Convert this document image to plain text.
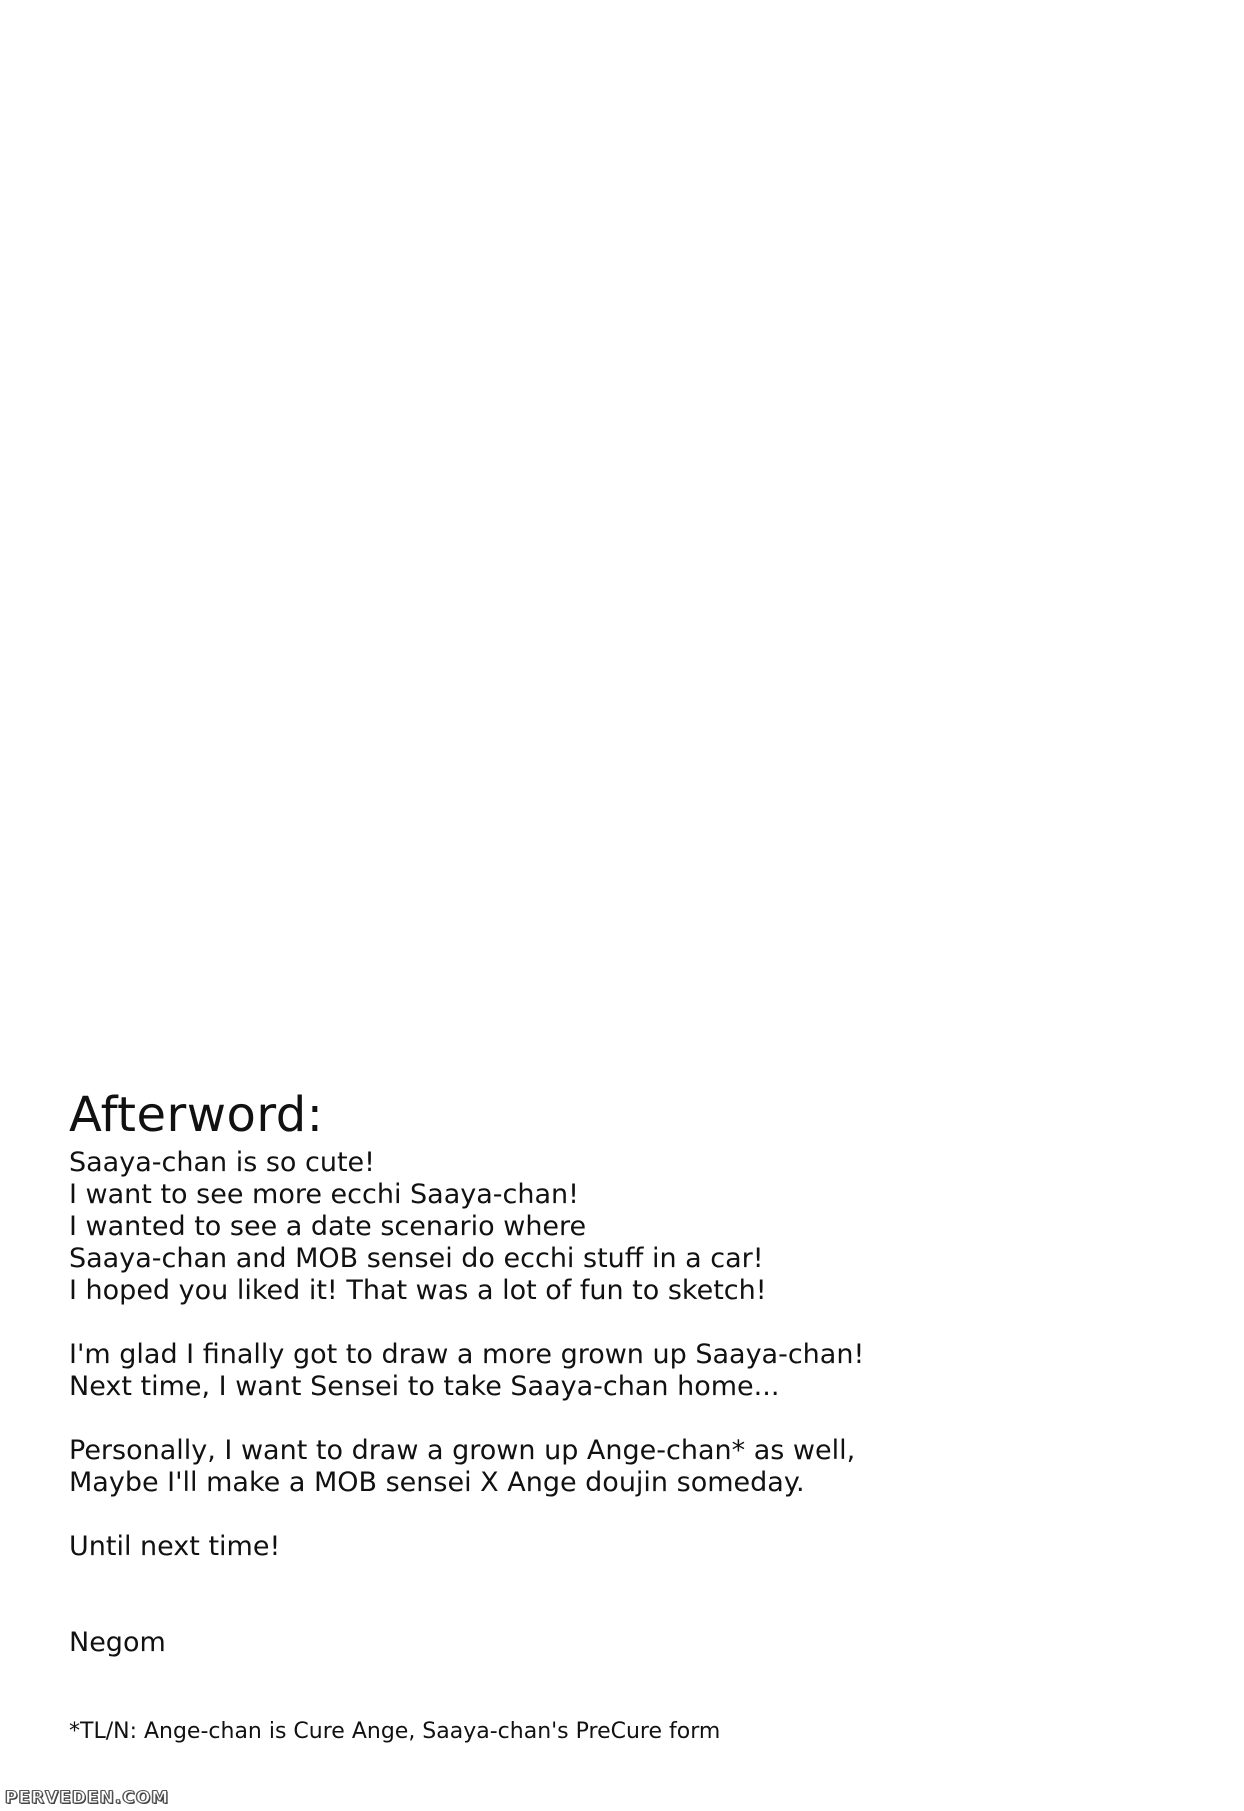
Afterword:

Saaya-chan is so cute!
I want to see more ecchi Saaya-chan!
I wanted to see a date scenario where
Saaya-chan and MOB sensei do ecchi stuff in a car!
I hoped you liked it! That was a lot of fun to sketch!

I'm glad I finally got to draw a more grown up Saaya-chan!
Next time, I want Sensei to take Saaya-chan home...

Personally, I want to draw a grown up Ange-chan* as well,
Maybe I'll make a MOB sensei X Ange doujin someday.

Until next time!

Negom

*TL/N: Ange-chan is Cure Ange, Saaya-chan's PreCure form
PERVEDEN.COM
